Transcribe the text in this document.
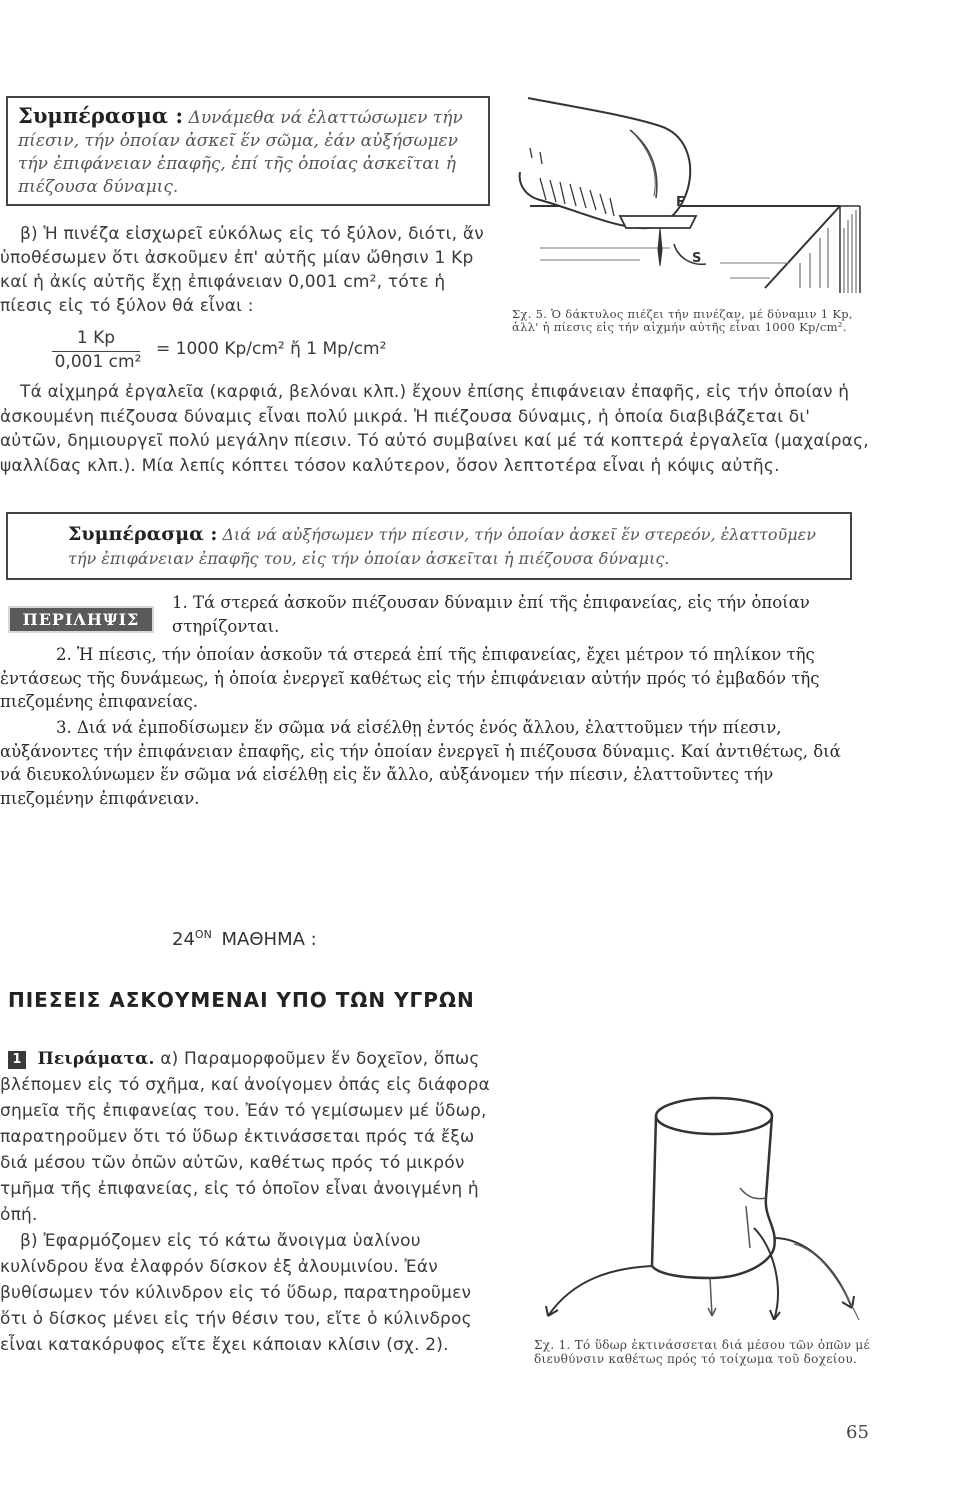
Συμπέρασμα : Δυνάμεθα νά ἐλαττώσωμεν τήν πίεσιν, τήν ὁποίαν ἀσκεῖ ἕν σῶμα, ἐάν αὐξήσωμεν τήν ἐπιφάνειαν ἐπαφῆς, ἐπί τῆς ὁποίας ἀσκεῖται ἡ πιέζουσα δύναμις.

β) Ἡ πινέζα εἰσχωρεῖ εὐκόλως εἰς τό ξύλον, διότι, ἄν ὑποθέσωμεν ὅτι ἀσκοῦμεν ἐπ' αὐτῆς μίαν ὤθησιν 1 Kp καί ἡ ἀκίς αὐτῆς ἔχῃ ἐπιφάνειαν 0,001 cm², τότε ἡ πίεσις εἰς τό ξύλον θά εἶναι :

1 Kp
0,001 cm²
= 1000 Kp/cm² ἤ 1 Mp/cm²
S
F

Σχ. 5. Ὁ δάκτυλος πιέζει τήν πινέζαν, μέ δύναμιν 1 Kp, ἀλλ' ἡ πίεσις εἰς τήν αἰχμήν αὐτῆς εἶναι 1000 Kp/cm².

Τά αἰχμηρά ἐργαλεῖα (καρφιά, βελόναι κλπ.) ἔχουν ἐπίσης ἐπιφάνειαν ἐπαφῆς, εἰς τήν ὁποίαν ἡ ἀσκουμένη πιέζουσα δύναμις εἶναι πολύ μικρά. Ἡ πιέζουσα δύναμις, ἡ ὁποία διαβιβάζεται δι' αὐτῶν, δημιουργεῖ πολύ μεγάλην πίεσιν. Τό αὐτό συμβαίνει καί μέ τά κοπτερά ἐργαλεῖα (μαχαίρας, ψαλλίδας κλπ.). Μία λεπίς κόπτει τόσον καλύτερον, ὅσον λεπτοτέρα εἶναι ἡ κόψις αὐτῆς.

Συμπέρασμα : Διά νά αὐξήσωμεν τήν πίεσιν, τήν ὁποίαν ἀσκεῖ ἕν στερεόν, ἐλαττοῦμεν τήν ἐπιφάνειαν ἐπαφῆς του, εἰς τήν ὁποίαν ἀσκεῖται ἡ πιέζουσα δύναμις.

ΠΕΡΙΛΗΨΙΣ

1. Τά στερεά ἀσκοῦν πιέζουσαν δύναμιν ἐπί τῆς ἐπιφανείας, εἰς τήν ὁποίαν στηρίζονται.

2. Ἡ πίεσις, τήν ὁποίαν ἀσκοῦν τά στερεά ἐπί τῆς ἐπιφανείας, ἔχει μέτρον τό πηλίκον τῆς ἐντάσεως τῆς δυνάμεως, ἡ ὁποία ἐνεργεῖ καθέτως εἰς τήν ἐπιφάνειαν αὐτήν πρός τό ἐμβαδόν τῆς πιεζομένης ἐπιφανείας.

3. Διά νά ἐμποδίσωμεν ἕν σῶμα νά εἰσέλθῃ ἐντός ἑνός ἄλλου, ἐλαττοῦμεν τήν πίεσιν, αὐξάνοντες τήν ἐπιφάνειαν ἐπαφῆς, εἰς τήν ὁποίαν ἐνεργεῖ ἡ πιέζουσα δύναμις. Καί ἀντιθέτως, διά νά διευκολύνωμεν ἕν σῶμα νά εἰσέλθῃ εἰς ἕν ἄλλο, αὐξάνομεν τήν πίεσιν, ἐλαττοῦντες τήν πιεζομένην ἐπιφάνειαν.

$24^{ON}$ ΜΑΘΗΜΑ :
ΠΙΕΣΕΙΣ ΑΣΚΟΥΜΕΝΑΙ ΥΠΟ ΤΩΝ ΥΓΡΩΝ

1 Πειράματα. α) Παραμορφοῦμεν ἕν δοχεῖον, ὅπως βλέπομεν εἰς τό σχῆμα, καί ἀνοίγομεν ὀπάς εἰς διάφορα σημεῖα τῆς ἐπιφανείας του. Ἐάν τό γεμίσωμεν μέ ὕδωρ, παρατηροῦμεν ὅτι τό ὕδωρ ἐκτινάσσεται πρός τά ἔξω διά μέσου τῶν ὀπῶν αὐτῶν, καθέτως πρός τό μικρόν τμῆμα τῆς ἐπιφανείας, εἰς τό ὁποῖον εἶναι ἀνοιγμένη ἡ ὀπή.

β) Ἐφαρμόζομεν εἰς τό κάτω ἄνοιγμα ὑαλίνου κυλίνδρου ἕνα ἐλαφρόν δίσκον ἐξ ἀλουμινίου. Ἐάν βυθίσωμεν τόν κύλινδρον εἰς τό ὕδωρ, παρατηροῦμεν ὅτι ὁ δίσκος μένει εἰς τήν θέσιν του, εἴτε ὁ κύλινδρος εἶναι κατακόρυφος εἴτε ἔχει κάποιαν κλίσιν (σχ. 2).	Σχ. 1. Τό ὕδωρ ἐκτινάσσεται διά μέσου τῶν ὀπῶν μέ διευθύνσιν καθέτως πρός τό τοίχωμα τοῦ δοχείου.

65
